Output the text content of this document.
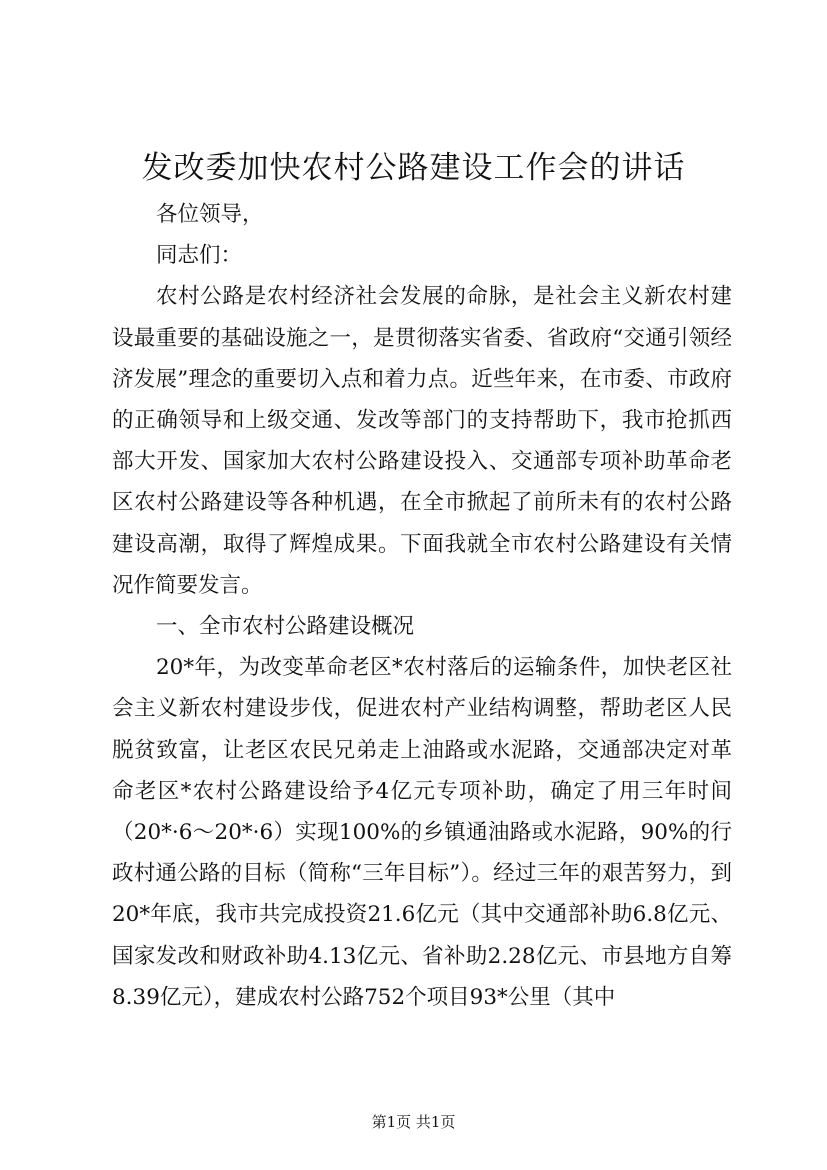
发改委加快农村公路建设工作会的讲话

各位领导，

同志们：

农村公路是农村经济社会发展的命脉，是社会主义新农村建设最重要的基础设施之一，是贯彻落实省委、省政府“交通引领经济发展”理念的重要切入点和着力点。近些年来，在市委、市政府的正确领导和上级交通、发改等部门的支持帮助下，我市抢抓西部大开发、国家加大农村公路建设投入、交通部专项补助革命老区农村公路建设等各种机遇，在全市掀起了前所未有的农村公路建设高潮，取得了辉煌成果。下面我就全市农村公路建设有关情况作简要发言。

一、全市农村公路建设概况

20*年，为改变革命老区*农村落后的运输条件，加快老区社会主义新农村建设步伐，促进农村产业结构调整，帮助老区人民脱贫致富，让老区农民兄弟走上油路或水泥路，交通部决定对革命老区*农村公路建设给予4亿元专项补助，确定了用三年时间（20*·6～20*·6）实现100%的乡镇通油路或水泥路，90%的行政村通公路的目标（简称“三年目标”）。经过三年的艰苦努力，到20*年底，我市共完成投资21.6亿元（其中交通部补助6.8亿元、国家发改和财政补助4.13亿元、省补助2.28亿元、市县地方自筹8.39亿元），建成农村公路752个项目93*公里（其中

第1页 共1页
